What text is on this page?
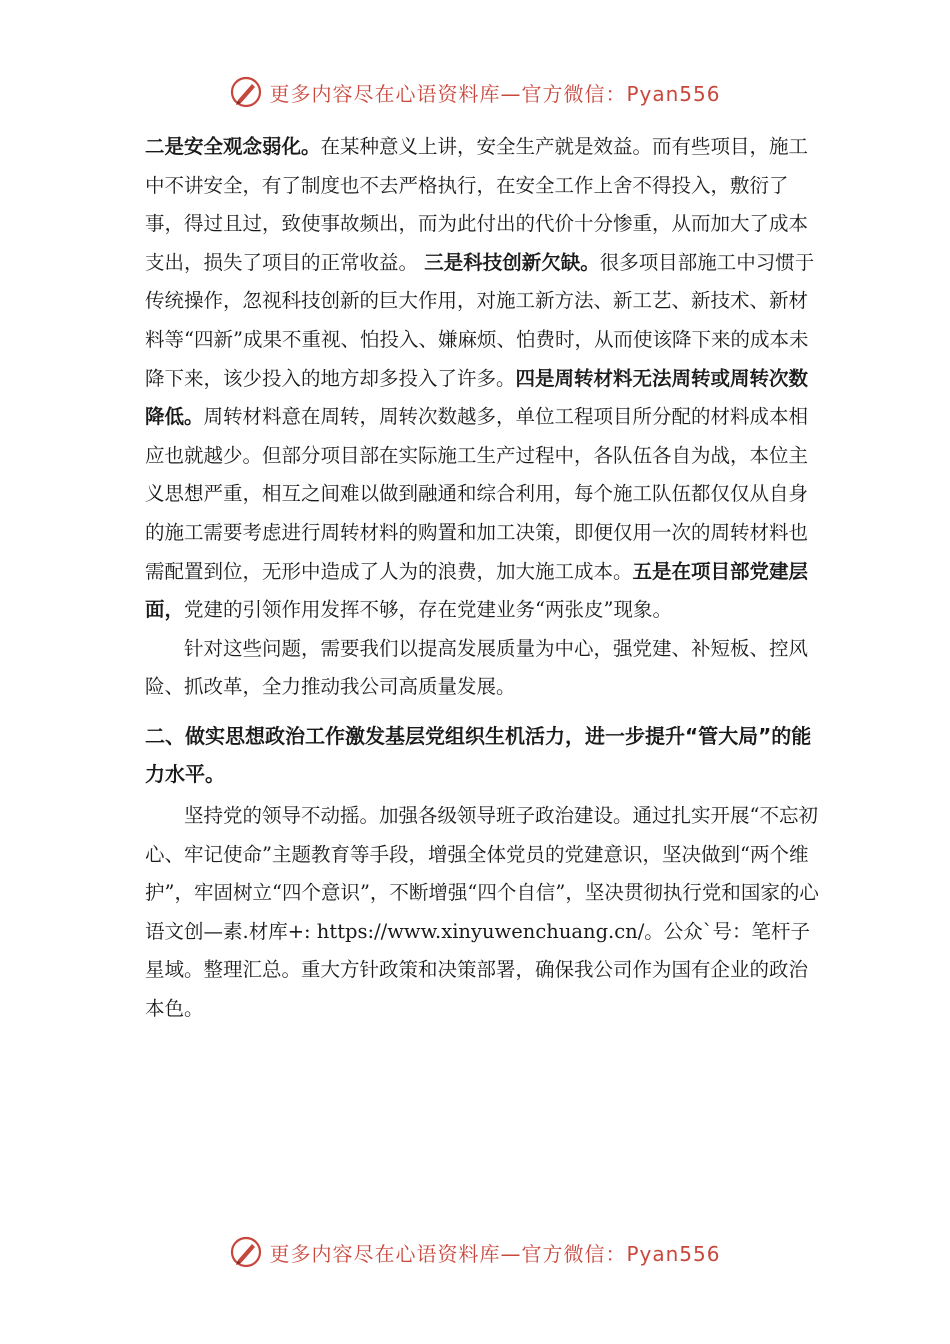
更多内容尽在心语资料库—官方微信：Pyan556

二是安全观念弱化。在某种意义上讲，安全生产就是效益。而有些项目，施工中不讲安全，有了制度也不去严格执行，在安全工作上舍不得投入，敷衍了事，得过且过，致使事故频出，而为此付出的代价十分惨重，从而加大了成本支出，损失了项目的正常收益。 三是科技创新欠缺。很多项目部施工中习惯于传统操作，忽视科技创新的巨大作用，对施工新方法、新工艺、新技术、新材料等“四新”成果不重视、怕投入、嫌麻烦、怕费时，从而使该降下来的成本未降下来，该少投入的地方却多投入了许多。四是周转材料无法周转或周转次数降低。周转材料意在周转，周转次数越多，单位工程项目所分配的材料成本相应也就越少。但部分项目部在实际施工生产过程中，各队伍各自为战，本位主义思想严重，相互之间难以做到融通和综合利用，每个施工队伍都仅仅从自身的施工需要考虑进行周转材料的购置和加工决策，即便仅用一次的周转材料也需配置到位，无形中造成了人为的浪费，加大施工成本。五是在项目部党建层面，党建的引领作用发挥不够，存在党建业务“两张皮”现象。

针对这些问题，需要我们以提高发展质量为中心，强党建、补短板、控风险、抓改革，全力推动我公司高质量发展。

二、做实思想政治工作激发基层党组织生机活力，进一步提升“管大局”的能力水平。

坚持党的领导不动摇。加强各级领导班子政治建设。通过扎实开展“不忘初心、牢记使命”主题教育等手段，增强全体党员的党建意识，坚决做到“两个维护”，牢固树立“四个意识”，不断增强“四个自信”，坚决贯彻执行党和国家的心语文创—素.材库+: https://www.xinyuwenchuang.cn/。公众`号：笔杆子星域。整理汇总。重大方针政策和决策部署，确保我公司作为国有企业的政治本色。

更多内容尽在心语资料库—官方微信：Pyan556
